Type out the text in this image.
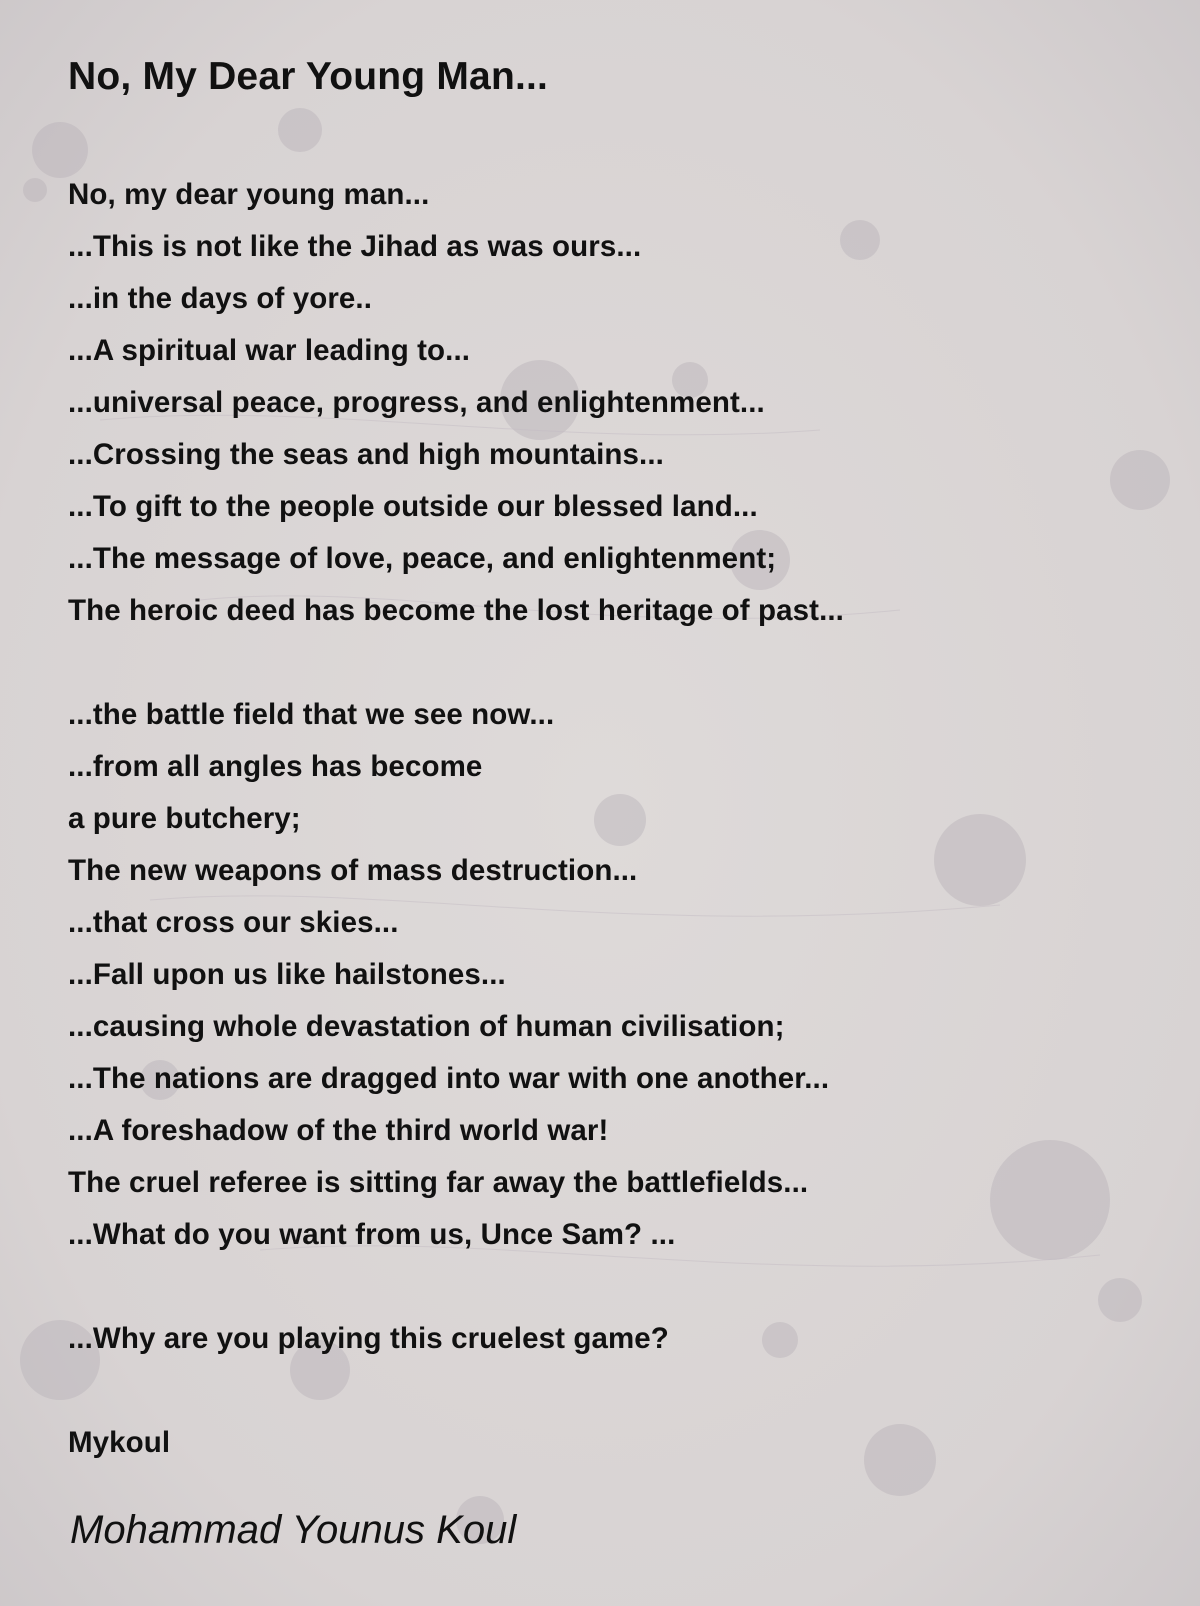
No, My Dear Young Man...
No, my dear young man...
...This is not like the Jihad as was ours...
...in the days of yore..
...A spiritual war leading to...
...universal peace, progress, and enlightenment...
...Crossing the seas and high mountains...
...To gift to the people outside our blessed land...
...The message of love, peace, and enlightenment;
The heroic deed has become the lost heritage of past...
...the battle field that we see now...
...from all angles has become
a pure butchery;
The new weapons of mass destruction...
...that cross our skies...
...Fall upon us like hailstones...
...causing whole devastation of human civilisation;
...The nations are dragged into war with one another...
...A foreshadow of the third world war!
The cruel referee is sitting far away the battlefields...
...What do you want from us, Unce Sam? ...
...Why are you playing this cruelest game?
Mykoul
Mohammad Younus Koul
